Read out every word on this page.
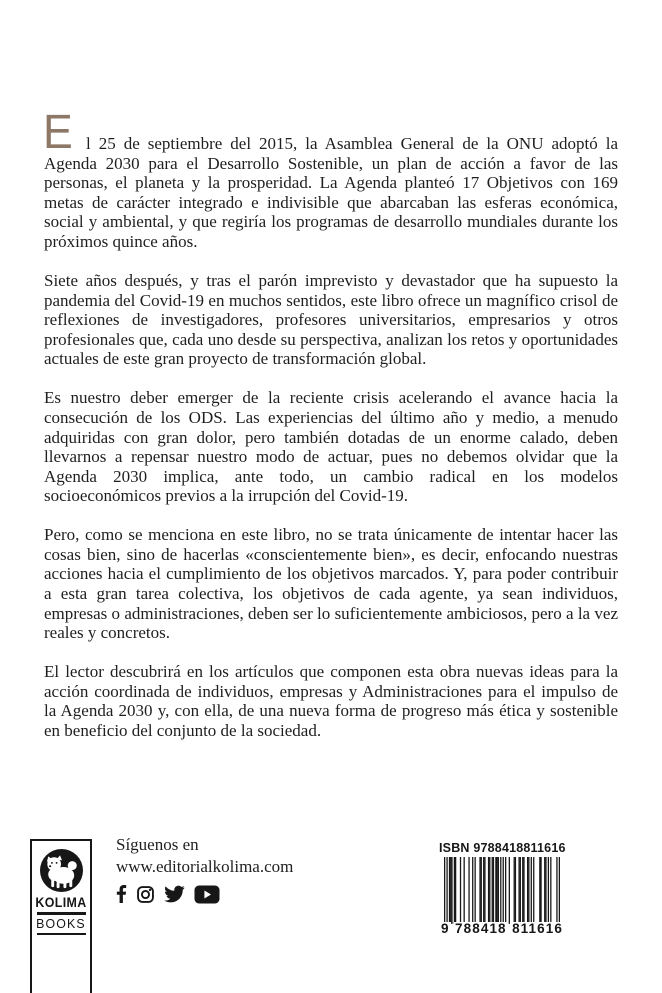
E l 25 de septiembre del 2015, la Asamblea General de la ONU adoptó la Agenda 2030 para el Desarrollo Sostenible, un plan de acción a favor de las personas, el planeta y la prosperidad. La Agenda planteó 17 Objetivos con 169 metas de carácter integrado e indivisible que abarcaban las esferas económica, social y ambiental, y que regiría los programas de desarrollo mundiales durante los próximos quince años.

Siete años después, y tras el parón imprevisto y devastador que ha supuesto la pandemia del Covid-19 en muchos sentidos, este libro ofrece un magnífico crisol de reflexiones de investigadores, profesores universitarios, empresarios y otros profesionales que, cada uno desde su perspectiva, analizan los retos y oportunidades actuales de este gran proyecto de transformación global.

Es nuestro deber emerger de la reciente crisis acelerando el avance hacia la consecución de los ODS. Las experiencias del último año y medio, a menudo adquiridas con gran dolor, pero también dotadas de un enorme calado, deben llevarnos a repensar nuestro modo de actuar, pues no debemos olvidar que la Agenda 2030 implica, ante todo, un cambio radical en los modelos socioeconómicos previos a la irrupción del Covid-19.

Pero, como se menciona en este libro, no se trata únicamente de intentar hacer las cosas bien, sino de hacerlas «conscientemente bien», es decir, enfocando nuestras acciones hacia el cumplimiento de los objetivos marcados. Y, para poder contribuir a esta gran tarea colectiva, los objetivos de cada agente, ya sean individuos, empresas o administraciones, deben ser lo suficientemente ambiciosos, pero a la vez reales y concretos.

El lector descubrirá en los artículos que componen esta obra nuevas ideas para la acción coordinada de individuos, empresas y Administraciones para el impulso de la Agenda 2030 y, con ella, de una nueva forma de progreso más ética y sostenible en beneficio del conjunto de la sociedad.

KOLIMA
BOOKS
Síguenos en
www.editorialkolima.com
ISBN 9788418811616
9 788418 811616
